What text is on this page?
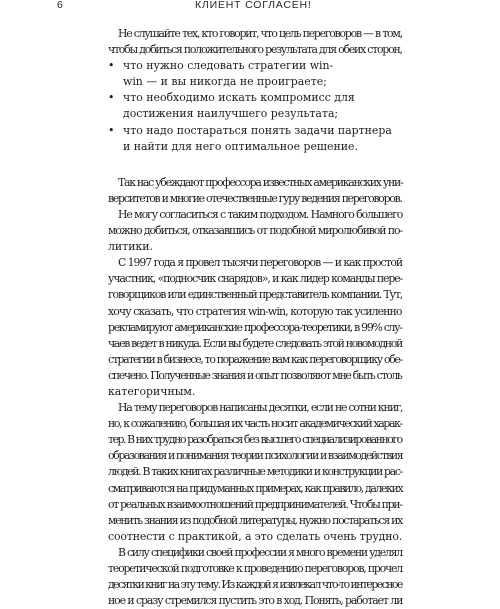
6	КЛИЕНТ СОГЛАСЕН!
Не слушайте тех, кто говорит, что цель переговоров — в том,
чтобы добиться положительного результата для обеих сторон,
• что нужно следовать стратегии win-
win — и вы никогда не проиграете;
• что необходимо искать компромисс для
достижения наилучшего результата;
• что надо постараться понять задачи партнера
и найти для него оптимальное решение.
Так нас убеждают профессора известных американских уни-
верситетов и многие отечественные гуру ведения переговоров.
Не могу согласиться с таким подходом. Намного большего
можно добиться, отказавшись от подобной миролюбивой по-
литики.
С 1997 года я провел тысячи переговоров — и как простой
участник, «подносчик снарядов», и как лидер команды пере-
говорщиков или единственный представитель компании. Тут,
хочу сказать, что стратегия win-win, которую так усиленно
рекламируют американские профессора-теоретики, в 99% слу-
чаев ведет в никуда. Если вы будете следовать этой новомодной
стратегии в бизнесе, то поражение вам как переговорщику обе-
спечено. Полученные знания и опыт позволяют мне быть столь
категоричным.
На тему переговоров написаны десятки, если не сотни книг,
но, к сожалению, большая их часть носит академический харак-
тер. В них трудно разобраться без высшего специализированного
образования и понимания теории психологии и взаимодействия
людей. В таких книгах различные методики и конструкции рас-
сматриваются на придуманных примерах, как правило, далеких
от реальных взаимоотношений предпринимателей. Чтобы при-
менить знания из подобной литературы, нужно постараться их
соотнести с практикой, а это сделать очень трудно.
В силу специфики своей профессии я много времени уделял
теоретической подготовке к проведению переговоров, прочел
десятки книг на эту тему. Из каждой я извлекал что-то интересное
ное и сразу стремился пустить это в ход. Понять, работает ли
